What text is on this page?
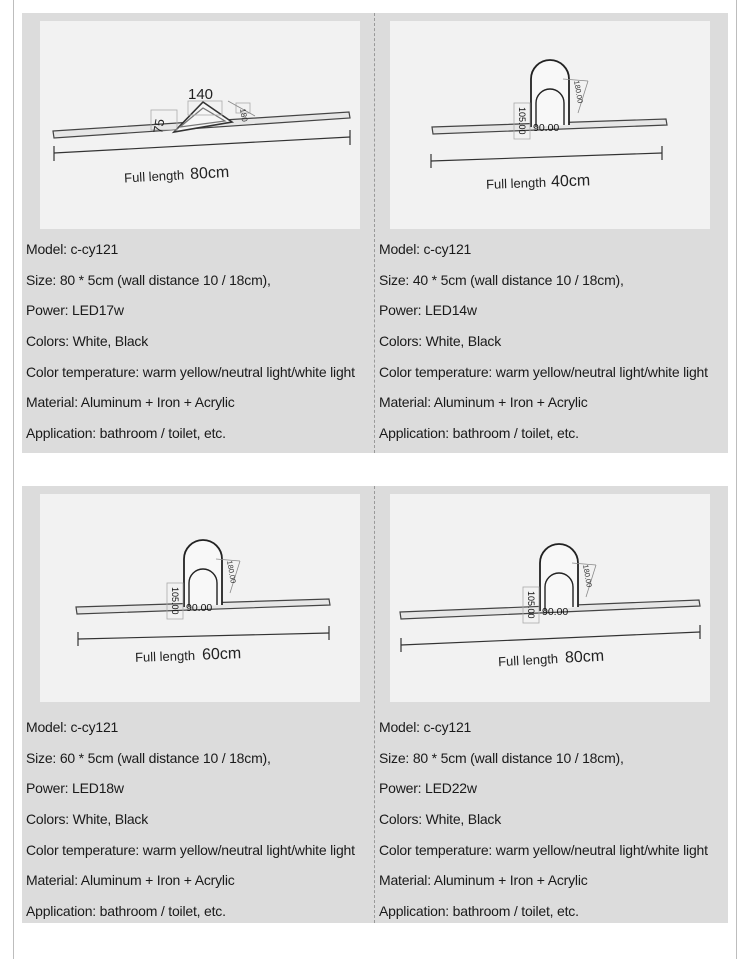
140
75
180
Full length 80cm
Model: c-cy121
Size: 80 * 5cm (wall distance 10 / 18cm),
Power: LED17w
Colors: White, Black
Color temperature: warm yellow/neutral light/white light
Material: Aluminum + Iron + Acrylic
Application: bathroom / toilet, etc.
90.00
105.00
180.00
Full length 40cm
Model: c-cy121
Size: 40 * 5cm (wall distance 10 / 18cm),
Power: LED14w
Colors: White, Black
Color temperature: warm yellow/neutral light/white light
Material: Aluminum + Iron + Acrylic
Application: bathroom / toilet, etc.
90.00
105.00
180.00
Full length 60cm
Model: c-cy121
Size: 60 * 5cm (wall distance 10 / 18cm),
Power: LED18w
Colors: White, Black
Color temperature: warm yellow/neutral light/white light
Material: Aluminum + Iron + Acrylic
Application: bathroom / toilet, etc.
90.00
105.00
180.00
Full length 80cm
Model: c-cy121
Size: 80 * 5cm (wall distance 10 / 18cm),
Power: LED22w
Colors: White, Black
Color temperature: warm yellow/neutral light/white light
Material: Aluminum + Iron + Acrylic
Application: bathroom / toilet, etc.
